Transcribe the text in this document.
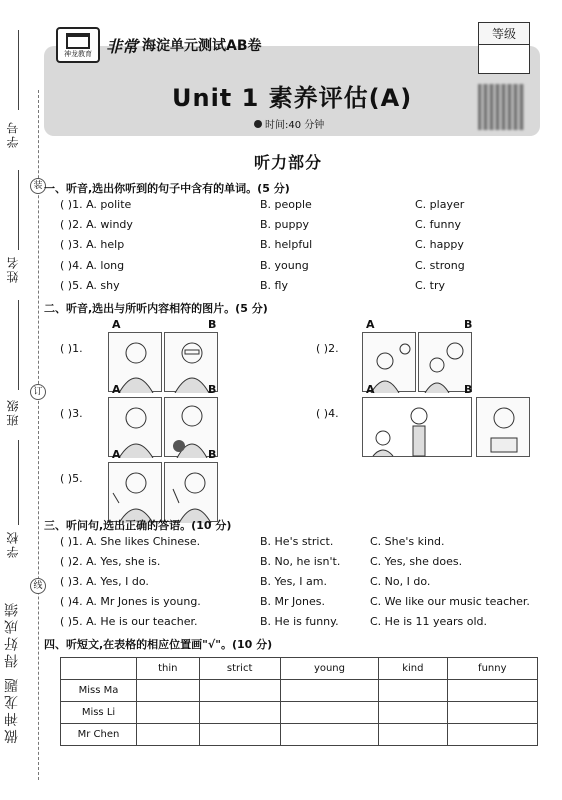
学号
姓名
班级
学校
装
订
线
做神龙题 得好成绩
神龙教育 非常 海淀单元测试AB卷
等级
Unit 1 素养评估(A)
时间:40 分钟
听力部分
一、听音,选出你听到的句子中含有的单词。(5 分)
( )1. A. polite	B. people	C. player
( )2. A. windy	B. puppy	C. funny
( )3. A. help	B. helpful	C. happy
( )4. A. long	B. young	C. strong
( )5. A. shy	B. fly	C. try
二、听音,选出与所听内容相符的图片。(5 分)
( )1.
A	B
( )2.
A	B
( )3.
A	B
( )4.
A	B
( )5.
A	B
三、听问句,选出正确的答语。(10 分)
( )1. A. She likes Chinese.	B. He's strict.	C. She's kind.
( )2. A. Yes, she is.	B. No, he isn't.	C. Yes, she does.
( )3. A. Yes, I do.	B. Yes, I am.	C. No, I do.
( )4. A. Mr Jones is young.	B. Mr Jones.	C. We like our music teacher.
( )5. A. He is our teacher.	B. He is funny.	C. He is 11 years old.
四、听短文,在表格的相应位置画"√"。(10 分)
	thin	strict	young	kind	funny
Miss Ma					
Miss Li					
Mr Chen					
